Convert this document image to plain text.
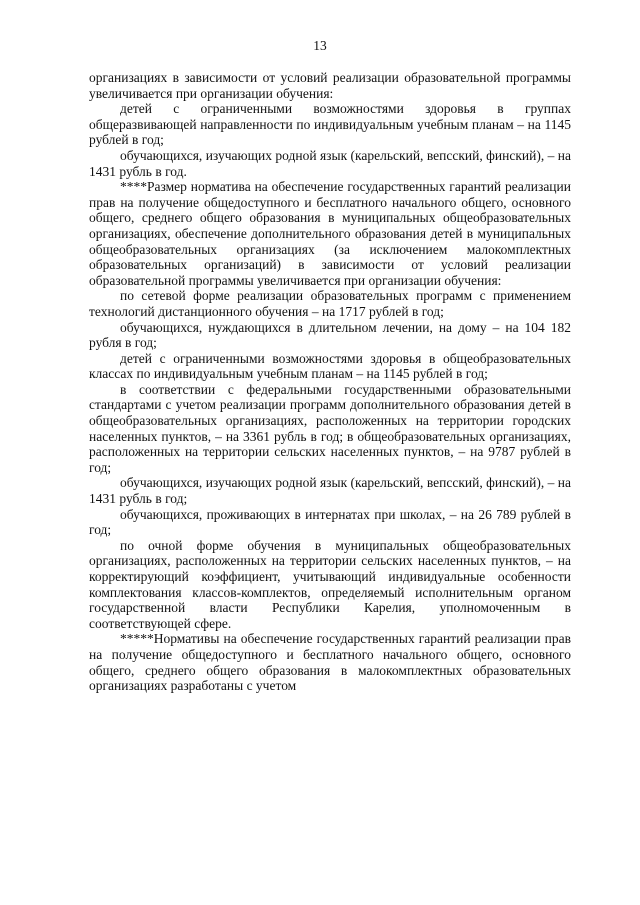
13

организациях в зависимости от условий реализации образовательной программы увеличивается при организации обучения:

детей с ограниченными возможностями здоровья в группах общеразвивающей направленности по индивидуальным учебным планам – на 1145 рублей в год;

обучающихся, изучающих родной язык (карельский, вепсский, финский), – на 1431 рубль в год.

****Размер норматива на обеспечение государственных гарантий реализации прав на получение общедоступного и бесплатного начального общего, основного общего, среднего общего образования в муниципальных общеобразовательных организациях, обеспечение дополнительного образования детей в муниципальных общеобразовательных организациях (за исключением малокомплектных образовательных организаций) в зависимости от условий реализации образовательной программы увеличивается при организации обучения:

по сетевой форме реализации образовательных программ с применением технологий дистанционного обучения – на 1717 рублей в год;

обучающихся, нуждающихся в длительном лечении, на дому – на 104 182 рубля в год;

детей с ограниченными возможностями здоровья в общеобразовательных классах по индивидуальным учебным планам – на 1145 рублей в год;

в соответствии с федеральными государственными образовательными стандартами с учетом реализации программ дополнительного образования детей в общеобразовательных организациях, расположенных на территории городских населенных пунктов, – на 3361 рубль в год; в общеобразовательных организациях, расположенных на территории сельских населенных пунктов, – на 9787 рублей в год;

обучающихся, изучающих родной язык (карельский, вепсский, финский), – на 1431 рубль в год;

обучающихся, проживающих в интернатах при школах, – на 26 789 рублей в год;

по очной форме обучения в муниципальных общеобразовательных организациях, расположенных на территории сельских населенных пунктов, – на корректирующий коэффициент, учитывающий индивидуальные особенности комплектования классов-комплектов, определяемый исполнительным органом государственной власти Республики Карелия, уполномоченным в соответствующей сфере.

*****Нормативы на обеспечение государственных гарантий реализации прав на получение общедоступного и бесплатного начального общего, основного общего, среднего общего образования в малокомплектных образовательных организациях разработаны с учетом
